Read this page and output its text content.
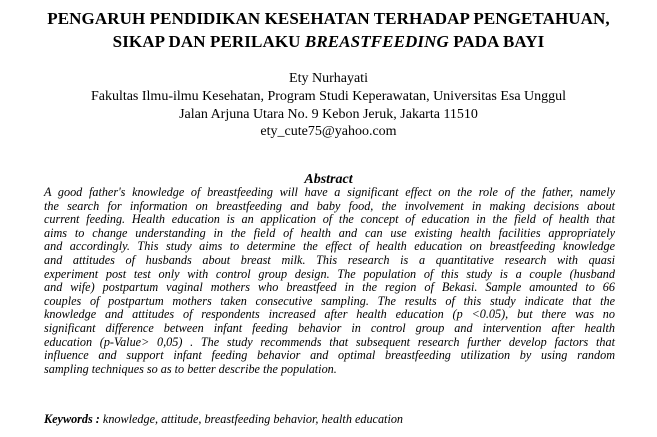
PENGARUH PENDIDIKAN KESEHATAN TERHADAP PENGETAHUAN,
SIKAP DAN PERILAKU BREASTFEEDING PADA BAYI
Ety Nurhayati
Fakultas Ilmu-ilmu Kesehatan, Program Studi Keperawatan, Universitas Esa Unggul
Jalan Arjuna Utara No. 9 Kebon Jeruk, Jakarta 11510
ety_cute75@yahoo.com
Abstract
A good father's knowledge of breastfeeding will have a significant effect on the role of the father, namely
the search for information on breastfeeding and baby food, the involvement in making decisions about
current feeding. Health education is an application of the concept of education in the field of health that
aims to change understanding in the field of health and can use existing health facilities appropriately
and accordingly. This study aims to determine the effect of health education on breastfeeding knowledge
and attitudes of husbands about breast milk. This research is a quantitative research with quasi
experiment post test only with control group design. The population of this study is a couple (husband
and wife) postpartum vaginal mothers who breastfeed in the region of Bekasi. Sample amounted to 66
couples of postpartum mothers taken consecutive sampling. The results of this study indicate that the
knowledge and attitudes of respondents increased after health education (p <0.05), but there was no
significant difference between infant feeding behavior in control group and intervention after health
education (p-Value> 0,05) . The study recommends that subsequent research further develop factors that
influence and support infant feeding behavior and optimal breastfeeding utilization by using random
sampling techniques so as to better describe the population.
Keywords : knowledge, attitude, breastfeeding behavior, health education
